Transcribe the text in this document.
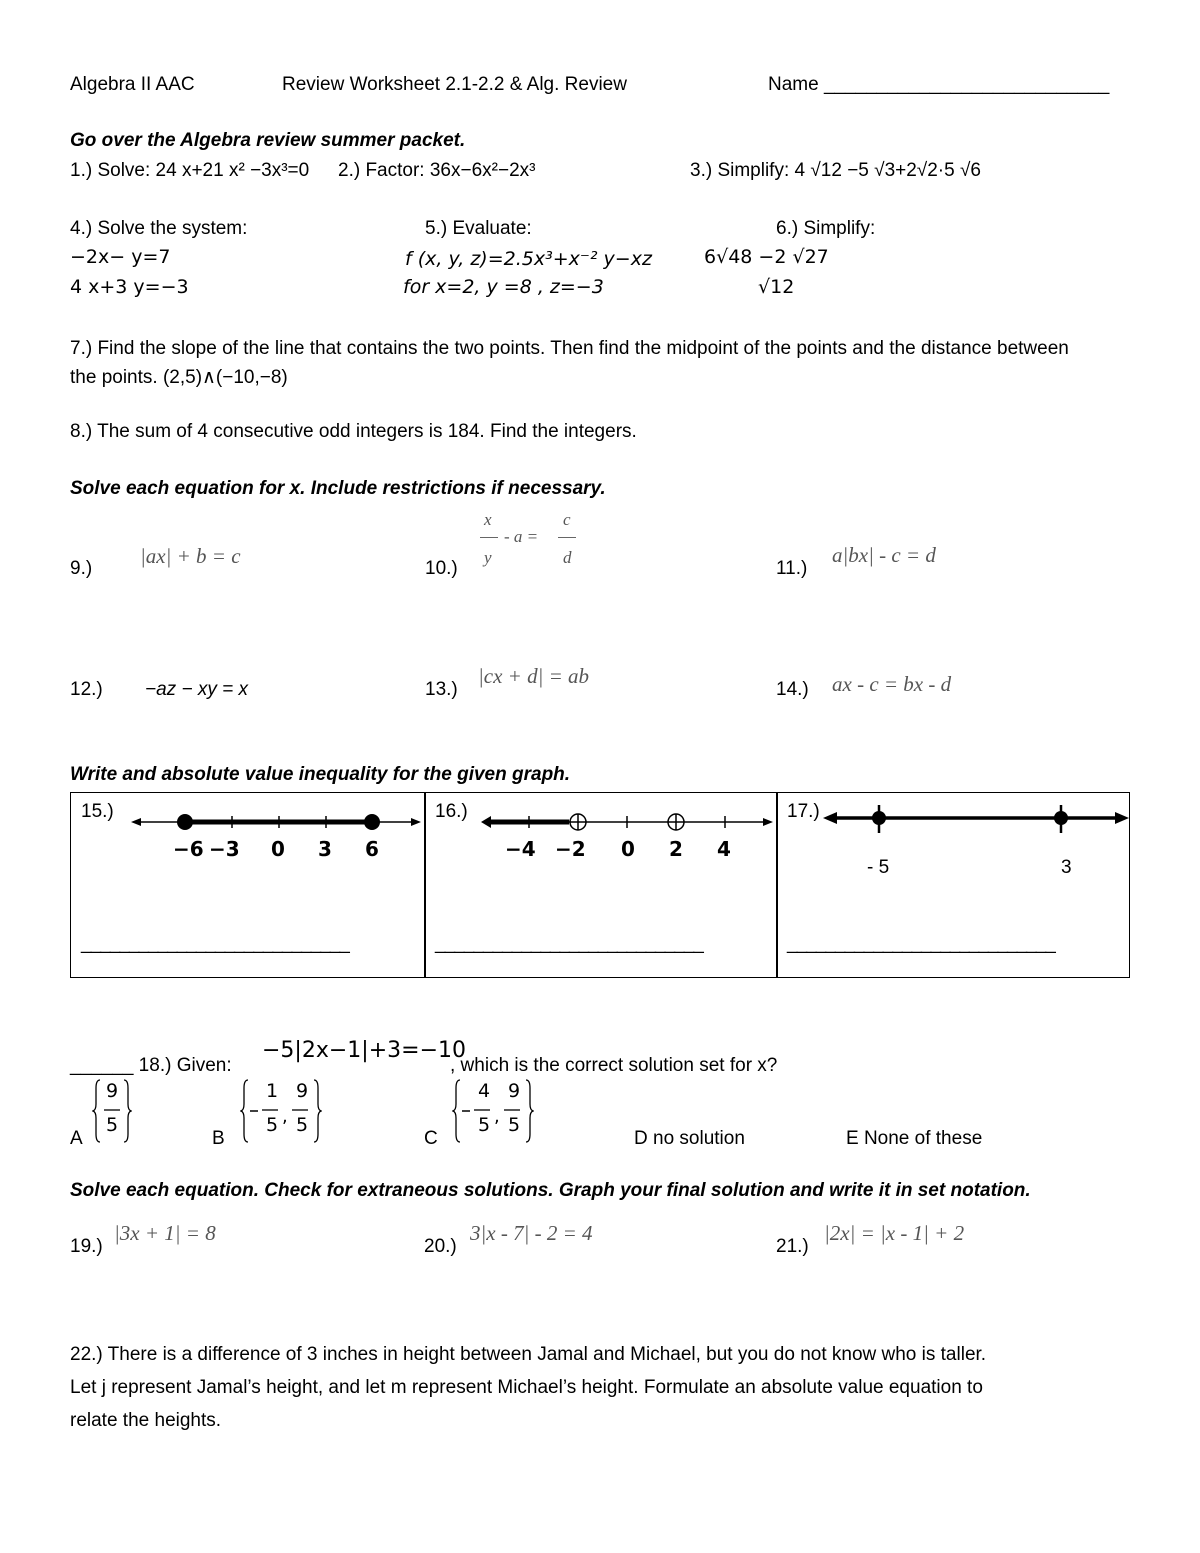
Algebra II AAC	Review Worksheet 2.1-2.2 & Alg. Review	Name ___________________________
Go over the Algebra review summer packet.
1.) Solve: 24 x+21 x² −3x³=0 2.) Factor: 36x−6x²−2x³	3.) Simplify: 4 √12 −5 √3+2√2·5 √6
4.) Solve the system:
−2x− y=7
4 x+3 y=−3
5.) Evaluate:
f (x, y, z)=2.5x³+x⁻² y−xz
for x=2, y =8 , z=−3
6.) Simplify:
6√48 −2 √27
√12
7.) Find the slope of the line that contains the two points. Then find the midpoint of the points and the distance between the points. (2,5)∧(−10,−8)
8.) The sum of 4 consecutive odd integers is 184. Find the integers.
Solve each equation for x. Include restrictions if necessary.
9.)
|ax| + b = c
10.)
x
y
- a =
c
d
11.)
a|bx| - c = d
12.) −az − xy = x	13.)
|cx + d| = ab
14.) ax - c = bx - d
Write and absolute value inequality for the given graph.
15.)
−6 −3 0 3 6
____________________________
16.)
−4 −2 0 2 4
____________________________
17.)
- 5	3
____________________________
______ 18.) Given:
−5|2x−1|+3=−10
, which is the correct solution set for x?
A
9
5
B
,
1
5
9
5
C
,
4
5
9
5
D no solution	E None of these
Solve each equation. Check for extraneous solutions. Graph your final solution and write it in set notation.
19.)
|3x + 1| = 8
20.)
3|x - 7| - 2 = 4
21.)
|2x| = |x - 1| + 2
22.) There is a difference of 3 inches in height between Jamal and Michael, but you do not know who is taller. Let j represent Jamal’s height, and let m represent Michael’s height. Formulate an absolute value equation to relate the heights.
